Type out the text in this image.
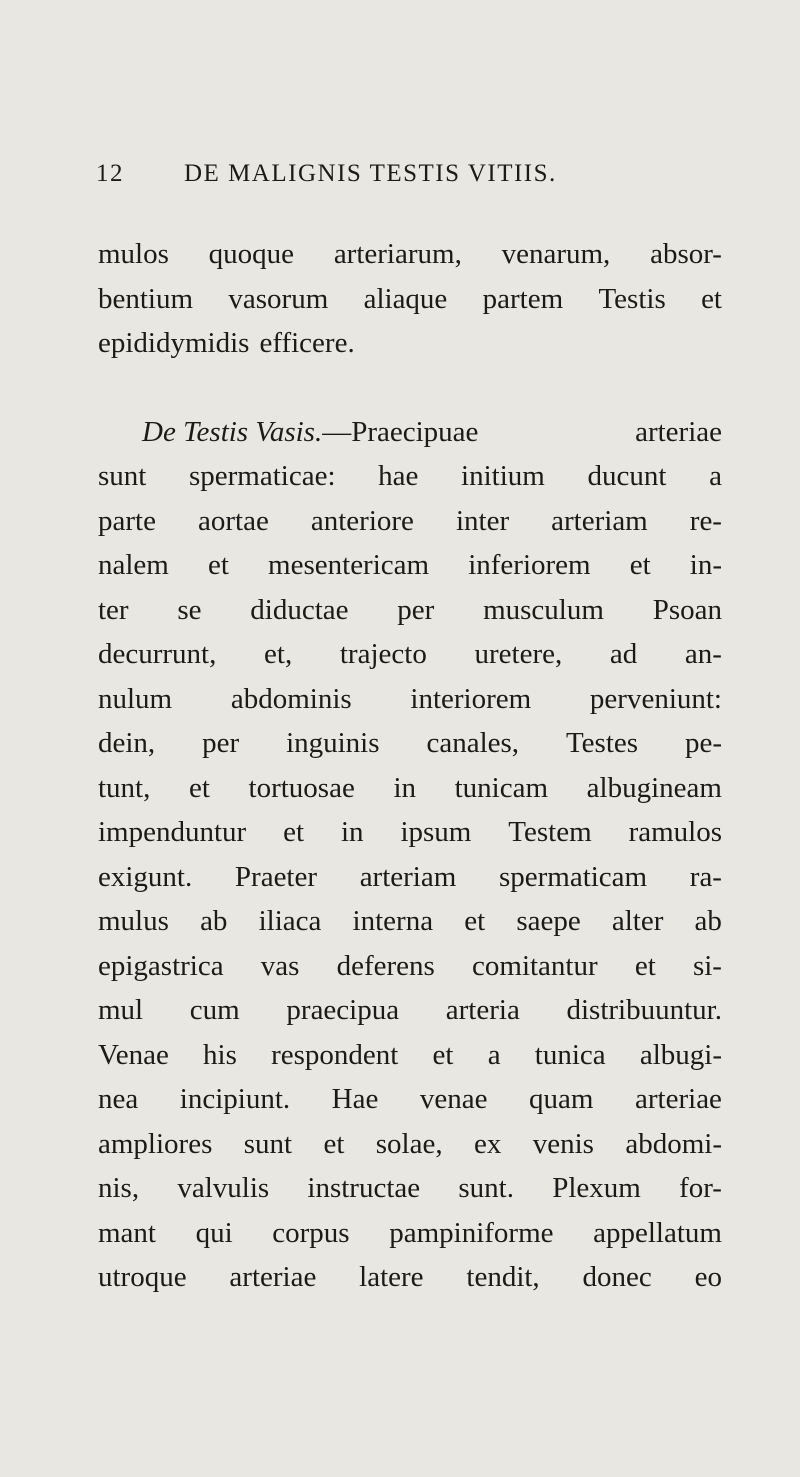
12 DE MALIGNIS TESTIS VITIIS.
mulos quoque arteriarum, venarum, absor-
bentium vasorum aliaque partem Testis et
epididymidis efficere.
De Testis Vasis.—Praecipuae	arteriae
sunt spermaticae: hae initium ducunt a
parte aortae anteriore inter arteriam re-
nalem et mesentericam inferiorem et in-
ter se diductae per musculum Psoan
decurrunt, et, trajecto uretere, ad an-
nulum abdominis interiorem perveniunt:
dein, per inguinis canales, Testes pe-
tunt, et tortuosae in tunicam albugineam
impenduntur et in ipsum Testem ramulos
exigunt. Praeter arteriam spermaticam ra-
mulus ab iliaca interna et saepe alter ab
epigastrica vas deferens comitantur et si-
mul cum praecipua arteria distribuuntur.
Venae his respondent et a tunica albugi-
nea incipiunt. Hae venae quam arteriae
ampliores sunt et solae, ex venis abdomi-
nis, valvulis instructae sunt. Plexum for-
mant qui corpus pampiniforme appellatum
utroque arteriae latere tendit, donec eo
